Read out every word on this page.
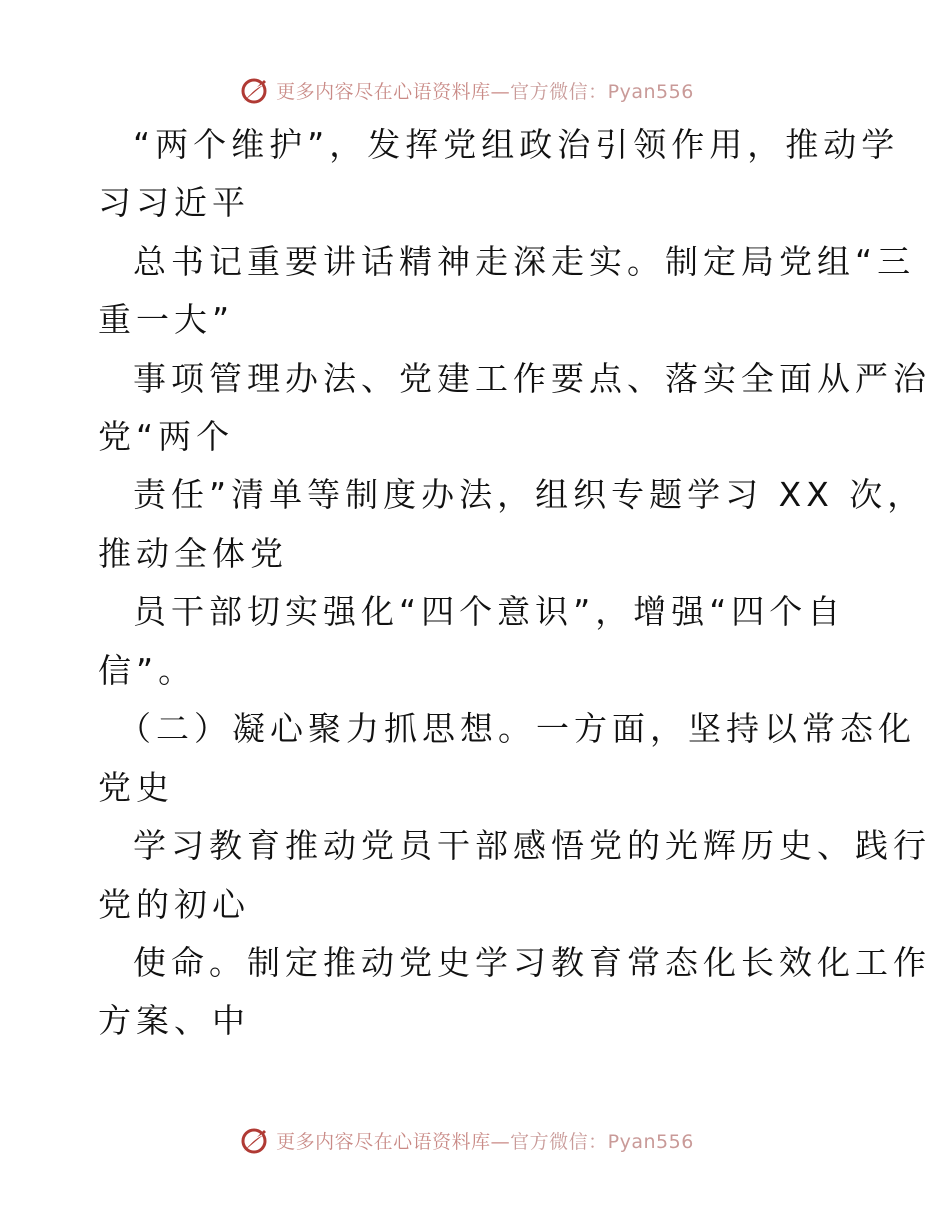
更多内容尽在心语资料库—官方微信：Pyan556
“两个维护”，发挥党组政治引领作用，推动学
习习近平
总书记重要讲话精神走深走实。制定局党组“三
重一大”
事项管理办法、党建工作要点、落实全面从严治
党“两个
责任”清单等制度办法，组织专题学习 XX 次，
推动全体党
员干部切实强化“四个意识”，增强“四个自
信”。
（二）凝心聚力抓思想。一方面，坚持以常态化
党史
学习教育推动党员干部感悟党的光辉历史、践行
党的初心
使命。制定推动党史学习教育常态化长效化工作
方案、中
更多内容尽在心语资料库—官方微信：Pyan556
